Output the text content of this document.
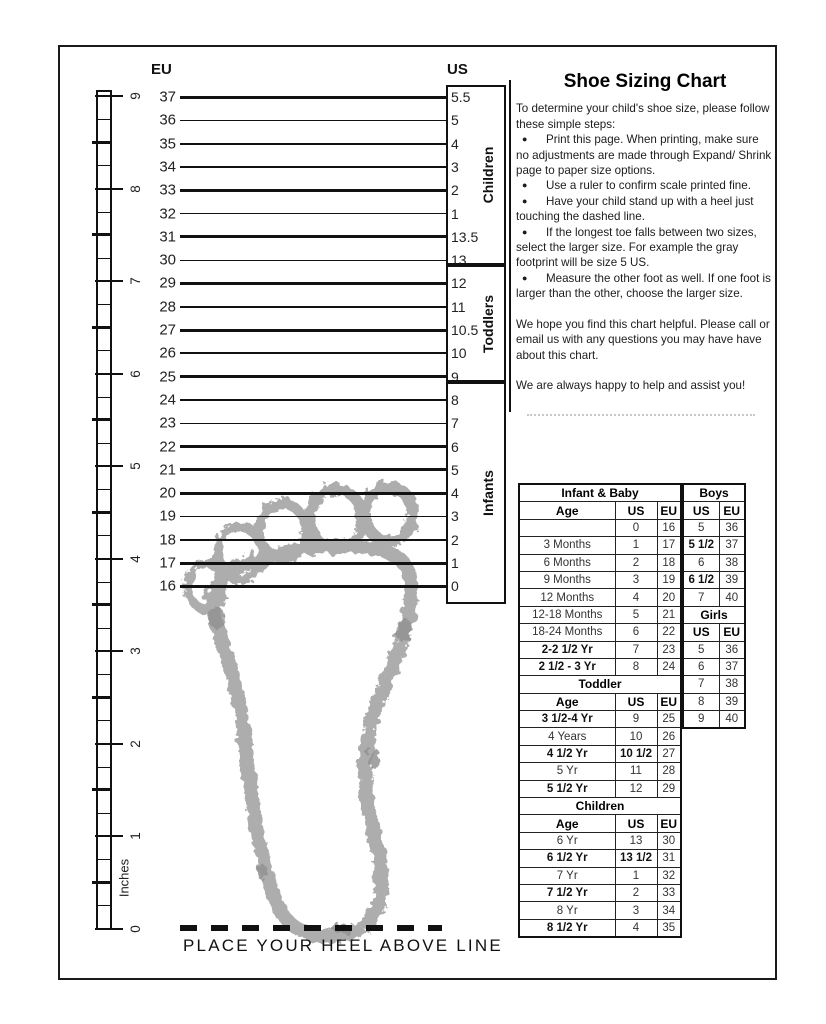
EU	US
37	5.5
36	5
35	4
34	3
33	2
32	1
31	13.5
30	13
29	12
28	11
27	10.5
26	10
25	9
24	8
23	7
22	6
21	5
20	4
19	3
18	2
17	1
16	0
Children
Toddlers
Infants
0
1
2
3
4
5
6
7
8
9
Inches
PLACE YOUR HEEL ABOVE LINE
Shoe Sizing Chart

To determine your child's shoe size, please follow these simple steps:

● Print this page. When printing, make sure no adjustments are made through Expand/ Shrink page to paper size options.

● Use a ruler to confirm scale printed fine.

● Have your child stand up with a heel just touching the dashed line.

● If the longest toe falls between two sizes, select the larger size. For example the gray footprint will be size 5 US.

● Measure the other foot as well. If one foot is larger than the other, choose the larger size.

We hope you find this chart helpful. Please call or email us with any questions you may have have about this chart.

We are always happy to help and assist you!

Infant & Baby		
Age	US	EU
	0	16
3 Months	1	17
6 Months	2	18
9 Months	3	19
12 Months	4	20
12-18 Months	5	21
18-24 Months	6	22
2-2 1/2 Yr	7	23
2 1/2 - 3 Yr	8	24
Toddler		
Age	US	EU
3 1/2-4 Yr	9	25
4 Years	10	26
4 1/2 Yr	10 1/2	27
5 Yr	11	28
5 1/2 Yr	12	29
Children		
Age	US	EU
6 Yr	13	30
6 1/2 Yr	13 1/2	31
7 Yr	1	32
7 1/2 Yr	2	33
8 Yr	3	34
8 1/2 Yr	4	35
Boys	
US	EU
5	36
5 1/2	37
6	38
6 1/2	39
7	40
Girls	
US	EU
5	36
6	37
7	38
8	39
9	40
